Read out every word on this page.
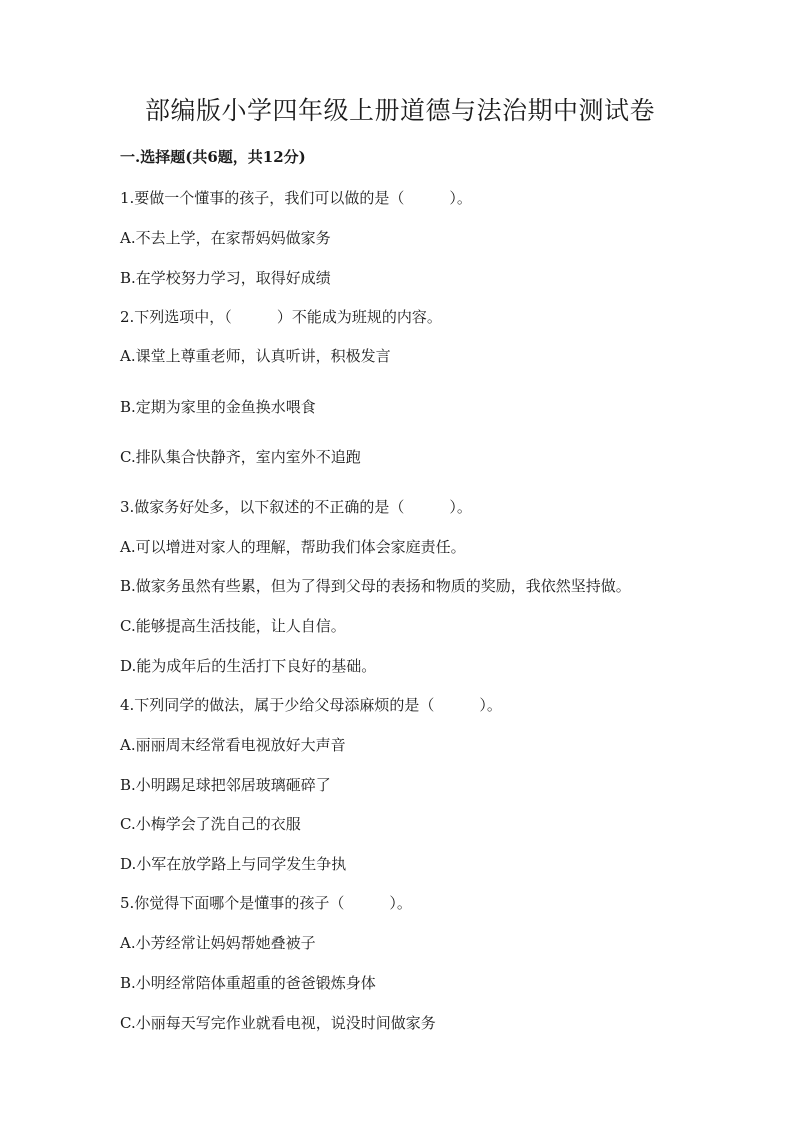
部编版小学四年级上册道德与法治期中测试卷
一.选择题(共6题，共12分)
1.要做一个懂事的孩子，我们可以做的是（　　　）。
A.不去上学，在家帮妈妈做家务
B.在学校努力学习，取得好成绩
2.下列选项中，（　　　）不能成为班规的内容。
A.课堂上尊重老师，认真听讲，积极发言
B.定期为家里的金鱼换水喂食
C.排队集合快静齐，室内室外不追跑
3.做家务好处多，以下叙述的不正确的是（　　　）。
A.可以增进对家人的理解，帮助我们体会家庭责任。
B.做家务虽然有些累，但为了得到父母的表扬和物质的奖励，我依然坚持做。
C.能够提高生活技能，让人自信。
D.能为成年后的生活打下良好的基础。
4.下列同学的做法，属于少给父母添麻烦的是（　　　）。
A.丽丽周末经常看电视放好大声音
B.小明踢足球把邻居玻璃砸碎了
C.小梅学会了洗自己的衣服
D.小军在放学路上与同学发生争执
5.你觉得下面哪个是懂事的孩子（　　　）。
A.小芳经常让妈妈帮她叠被子
B.小明经常陪体重超重的爸爸锻炼身体
C.小丽每天写完作业就看电视，说没时间做家务
